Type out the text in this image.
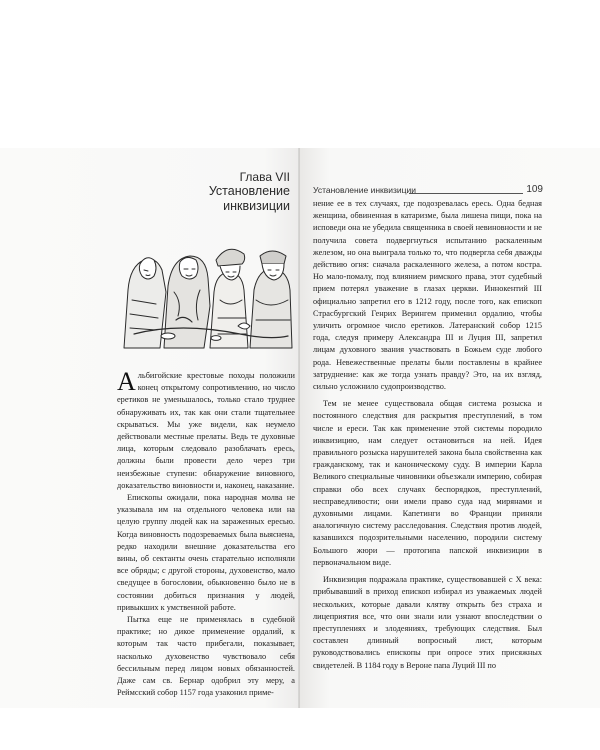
Глава VII
Установление инквизиции

Альбигойские крестовые походы положили конец открытому сопротивлению, но число еретиков не уменьшалось, только стало труднее обнаруживать их, так как они стали тщательнее скрываться. Мы уже видели, как неумело действовали местные прелаты. Ведь те духовные лица, которым следовало разоблачать ересь, должны были провести дело через три неизбежные ступени: обнаружение виновного, доказательство виновности и, наконец, наказание.

Епископы ожидали, пока народная молва не указывала им на отдельного человека или на целую группу людей как на зараженных ересью. Когда виновность подозреваемых была выяснена, редко находили внешние доказательства его вины, об сектанты очень старательно исполняли все обряды; с другой стороны, духовенство, мало сведущее в богословии, обыкновенно было не в состоянии добиться признания у людей, привыкших к умственной работе.

Пытка еще не применялась в судебной практике; но дикое применение ордалий, к которым так часто прибегали, показывает, насколько духовенство чувствовало себя бессильным перед лицом новых обязанностей. Даже сам св. Бернар одобрил эту меру, а Реймсский собор 1157 года узаконил приме-

Установление инквизиции	109

нение ее в тех случаях, где подозревалась ересь. Одна бедная женщина, обвиненная в катаризме, была лишена пищи, пока на исповеди она не убедила священника в своей невиновности и не получила совета подвергнуться испытанию раскаленным железом, но она выиграла только то, что подвергла себя дважды действию огня: сначала раскаленного железа, а потом костра. Но мало-помалу, под влиянием римского права, этот судебный прием потерял уважение в глазах церкви. Иннокентий III официально запретил его в 1212 году, после того, как епископ Страсбургский Генрих Верингем применил ордалию, чтобы уличить огромное число еретиков. Латеранский собор 1215 года, следуя примеру Александра III и Луция III, запретил лицам духовного звания участвовать в Божьем суде любого рода. Невежественные прелаты были поставлены в крайнее затруднение: как же тогда узнать правду? Это, на их взгляд, сильно усложнило судопроизводство.

Тем не менее существовала общая система розыска и постоянного следствия для раскрытия преступлений, в том числе и ереси. Так как применение этой системы породило инквизицию, нам следует остановиться на ней. Идея правильного розыска нарушителей закона была свойственна как гражданскому, так и каноническому суду. В империи Карла Великого специальные чиновники объезжали империю, собирая справки обо всех случаях беспорядков, преступлений, несправедливости; они имели право суда над мирянами и духовными лицами. Капетинги во Франции приняли аналогичную систему расследования. Следствия против людей, казавшихся подозрительными населению, породили систему Большого жюри — протогипа папской инквизиции в первоначальном виде.

Инквизиция подражала практике, существовавшей с X века: прибывавший в приход епископ избирал из уважаемых людей нескольких, которые давали клятву открыть без страха и лицеприятия все, что они знали или узнают впоследствии о преступлениях и злодеяниях, требующих следствия. Был составлен длинный вопросный лист, которым руководствовались епископы при опросе этих присяжных свидетелей. В 1184 году в Вероне папа Луций III по
